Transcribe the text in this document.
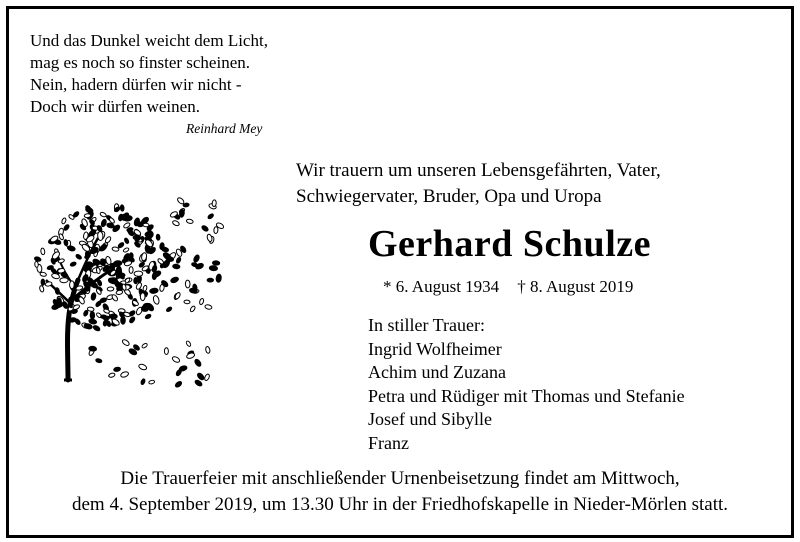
Und das Dunkel weicht dem Licht,
mag es noch so finster scheinen.
Nein, hadern dürfen wir nicht -
Doch wir dürfen weinen.
Reinhard Mey
Wir trauern um unseren Lebensgefährten, Vater,
Schwiegervater, Bruder, Opa und Uropa
Gerhard Schulze
* 6. August 1934 † 8. August 2019
In stiller Trauer:
Ingrid Wolfheimer
Achim und Zuzana
Petra und Rüdiger mit Thomas und Stefanie
Josef und Sibylle
Franz
Die Trauerfeier mit anschließender Urnenbeisetzung findet am Mittwoch,
dem 4. September 2019, um 13.30 Uhr in der Friedhofskapelle in Nieder-Mörlen statt.
